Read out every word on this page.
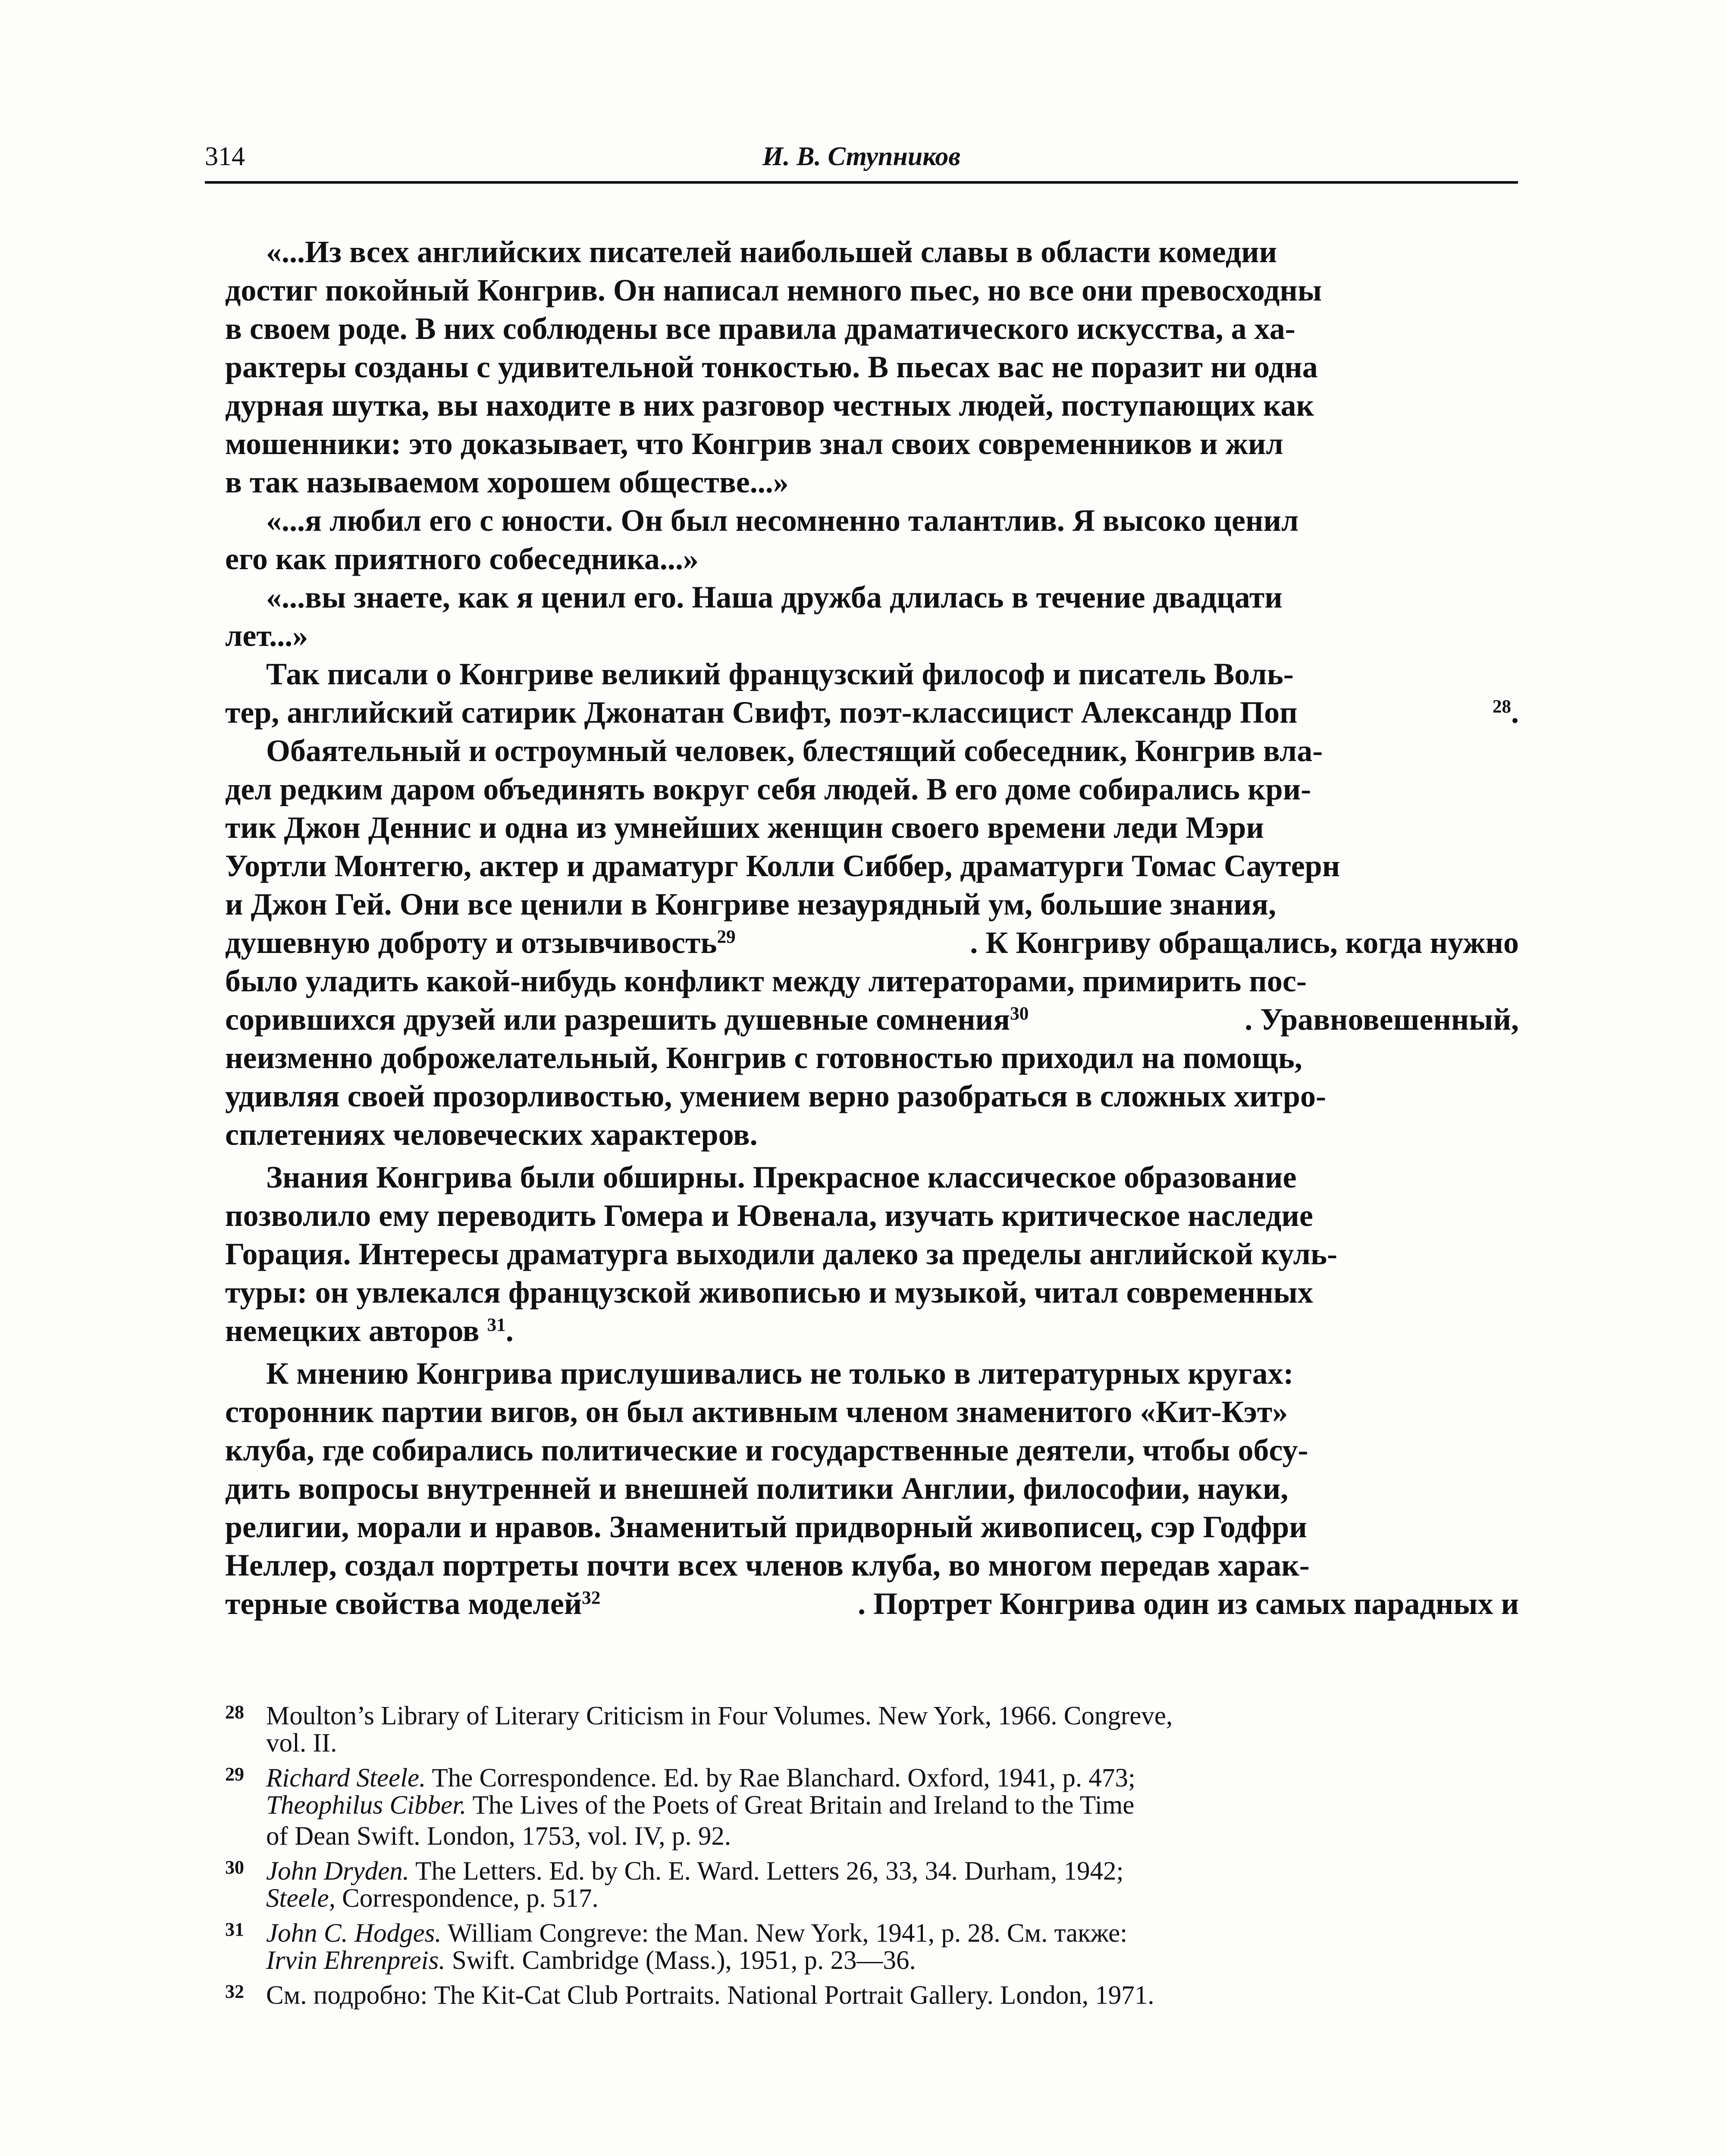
314	И. В. Ступников
«...Из всех английских писателей наибольшей славы в области комедии
достиг покойный Конгрив. Он написал немного пьес, но все они превосходны
в своем роде. В них соблюдены все правила драматического искусства, а ха-
рактеры созданы с удивительной тонкостью. В пьесах вас не поразит ни одна
дурная шутка, вы находите в них разговор честных людей, поступающих как
мошенники: это доказывает, что Конгрив знал своих современников и жил
в так называемом хорошем обществе...»
«...я любил его с юности. Он был несомненно талантлив. Я высоко ценил
его как приятного собеседника...»
«...вы знаете, как я ценил его. Наша дружба длилась в течение двадцати
лет...»
Так писали о Конгриве великий французский философ и писатель Воль-
тер, английский сатирик Джонатан Свифт, поэт-классицист Александр Поп	$^{28}$.
Обаятельный и остроумный человек, блестящий собеседник, Конгрив вла-
дел редким даром объединять вокруг себя людей. В его доме собирались кри-
тик Джон Деннис и одна из умнейших женщин своего времени леди Мэри
Уортли Монтегю, актер и драматург Колли Сиббер, драматурги Томас Саутерн
и Джон Гей. Они все ценили в Конгриве незаурядный ум, большие знания,
душевную доброту и отзывчивость$^{29}$	. К Конгриву обращались, когда нужно
было уладить какой-нибудь конфликт между литераторами, примирить пос-
сорившихся друзей или разрешить душевные сомнения$^{30}$	. Уравновешенный,
неизменно доброжелательный, Конгрив с готовностью приходил на помощь,
удивляя своей прозорливостью, умением верно разобраться в сложных хитро-
сплетениях человеческих характеров.
Знания Конгрива были обширны. Прекрасное классическое образование
позволило ему переводить Гомера и Ювенала, изучать критическое наследие
Горация. Интересы драматурга выходили далеко за пределы английской куль-
туры: он увлекался французской живописью и музыкой, читал современных
немецких авторов $^{31}$.
К мнению Конгрива прислушивались не только в литературных кругах:
сторонник партии вигов, он был активным членом знаменитого «Кит-Кэт»
клуба, где собирались политические и государственные деятели, чтобы обсу-
дить вопросы внутренней и внешней политики Англии, философии, науки,
религии, морали и нравов. Знаменитый придворный живописец, сэр Годфри
Неллер, создал портреты почти всех членов клуба, во многом передав харак-
терные свойства моделей$^{32}$	. Портрет Конгрива один из самых парадных и
28 Moulton’s Library of Literary Criticism in Four Volumes. New York, 1966. Congreve,
vol. II.
29 Richard Steele. The Correspondence. Ed. by Rae Blanchard. Oxford, 1941, p. 473;
Theophilus Cibber. The Lives of the Poets of Great Britain and Ireland to the Time
of Dean Swift. London, 1753, vol. IV, p. 92.
30 John Dryden. The Letters. Ed. by Ch. E. Ward. Letters 26, 33, 34. Durham, 1942;
Steele, Correspondence, p. 517.
31 John C. Hodges. William Congreve: the Man. New York, 1941, p. 28. См. также:
Irvin Ehrenpreis. Swift. Cambridge (Mass.), 1951, p. 23—36.
32 См. подробно: The Kit-Cat Club Portraits. National Portrait Gallery. London, 1971.
